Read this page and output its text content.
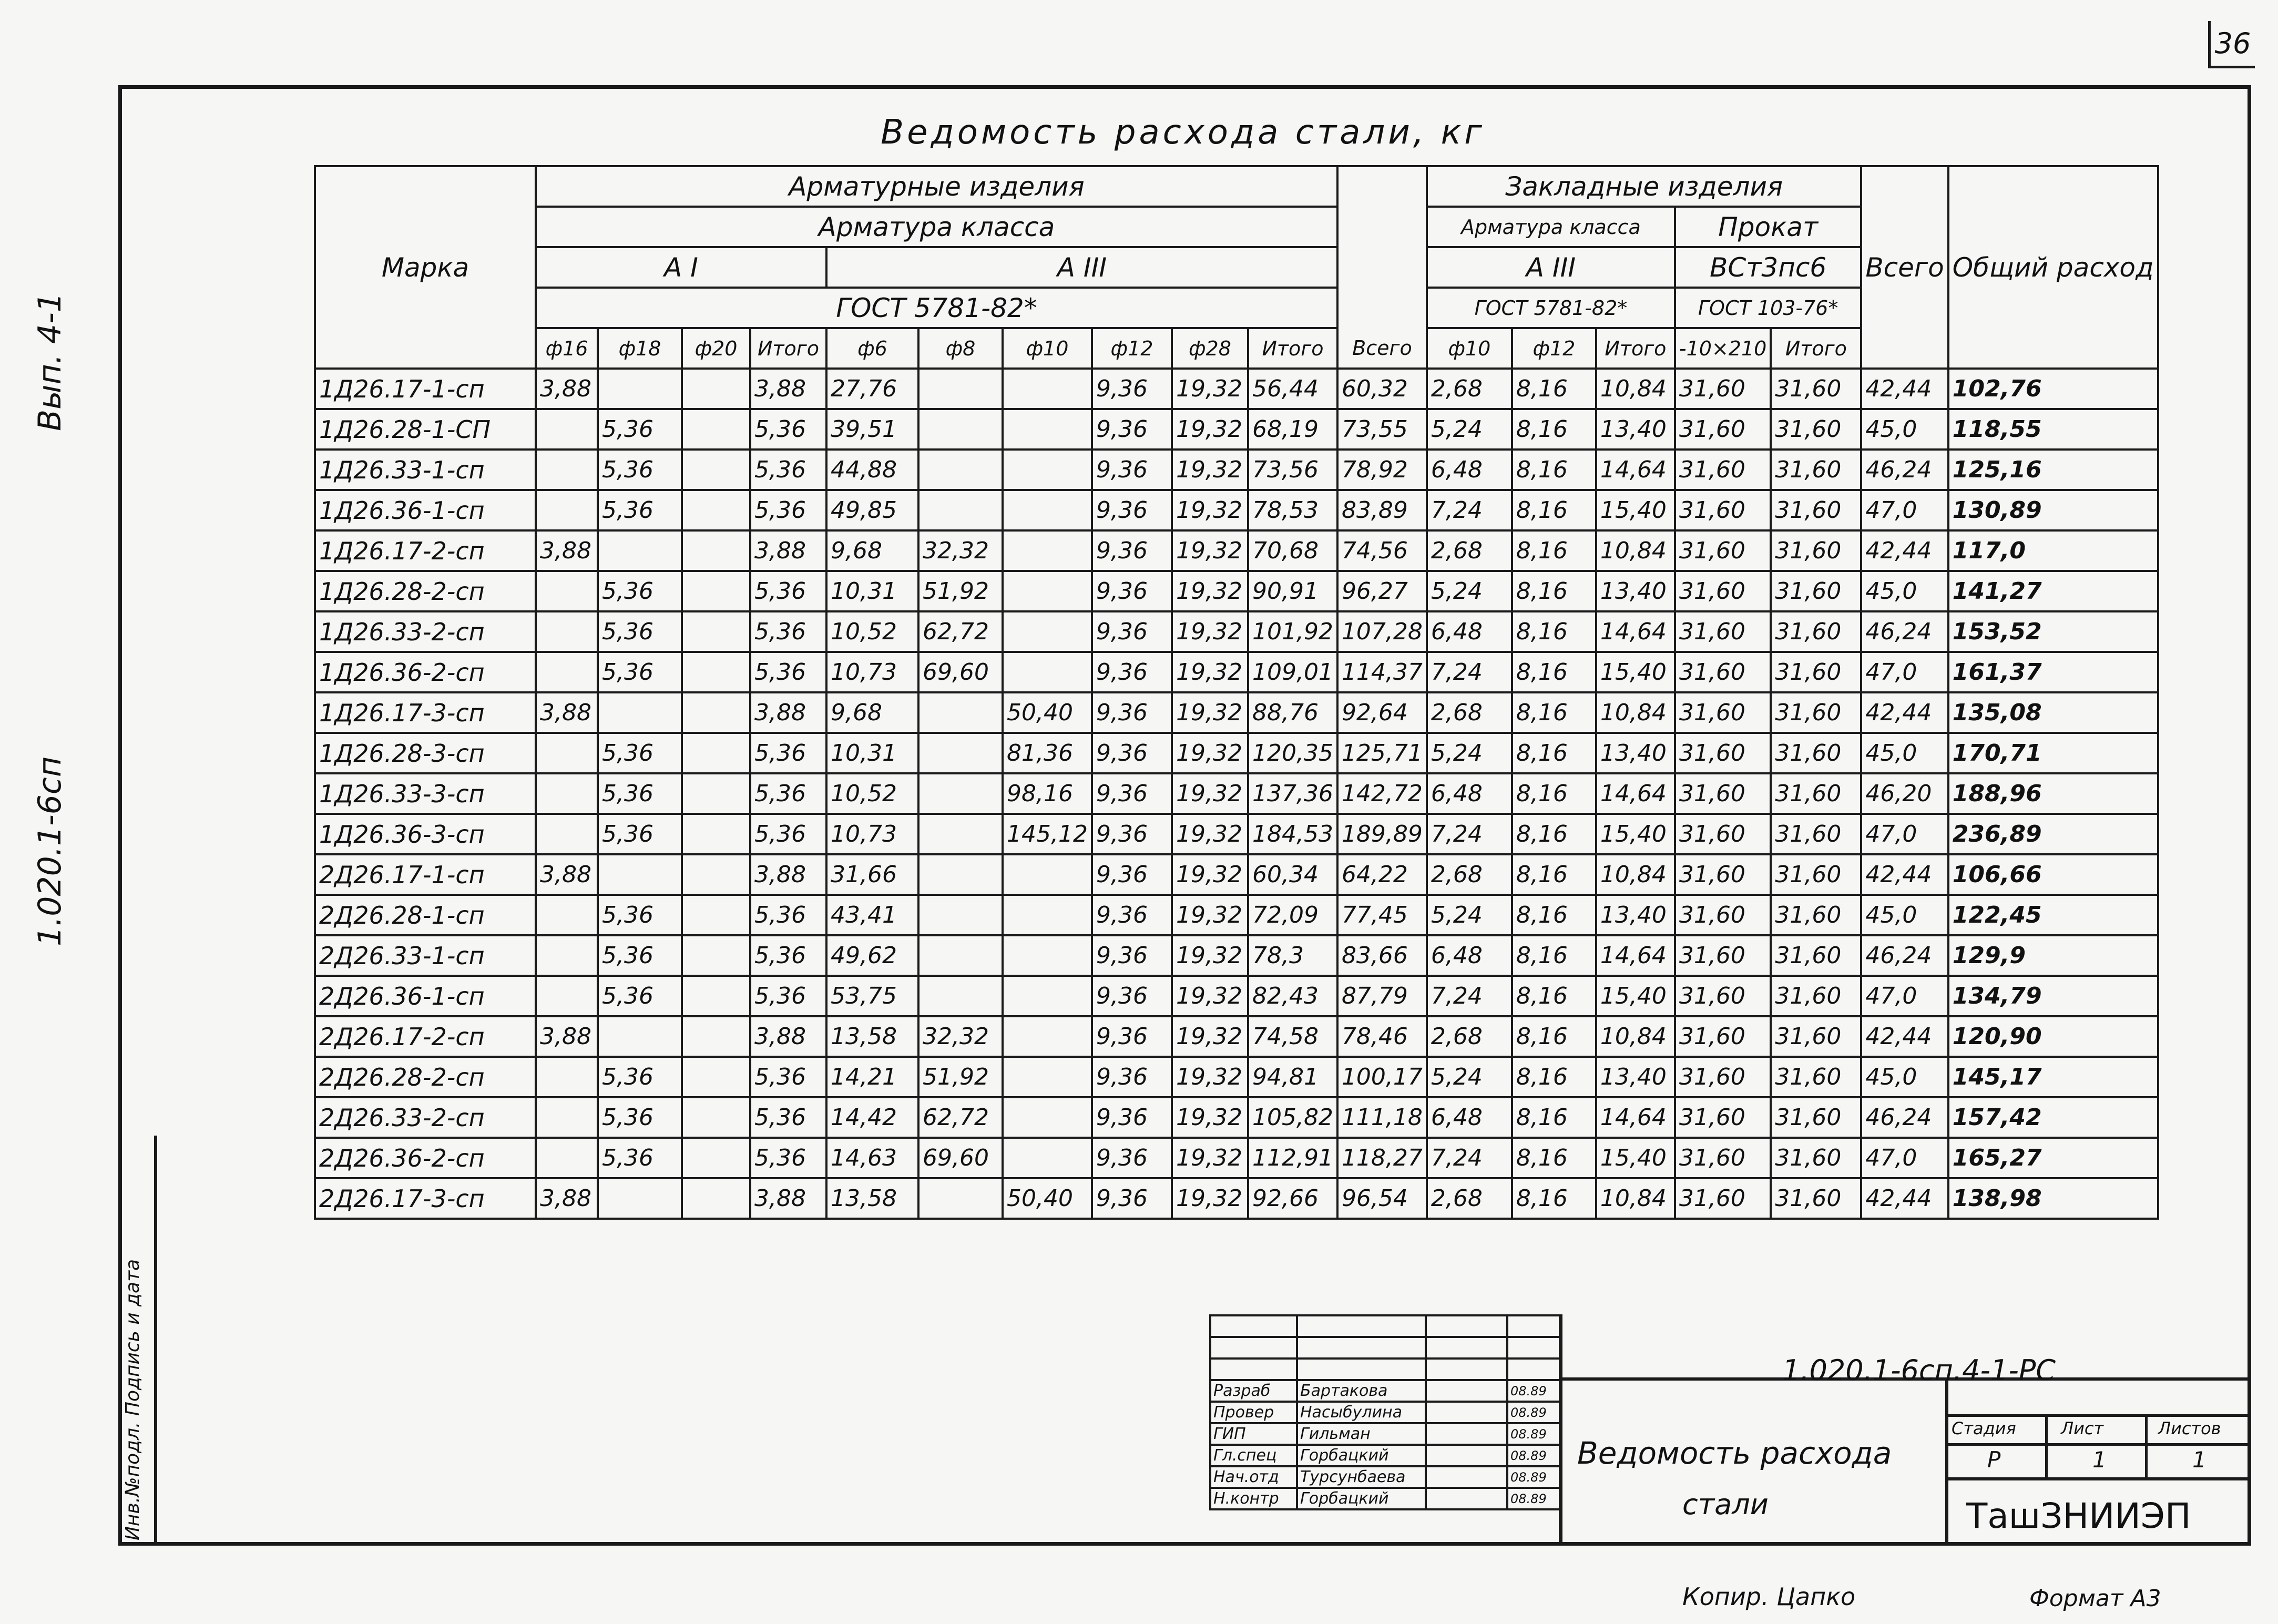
36
Вып. 4-1
1.020.1-6сп
Инв.№подл. Подпись и дата
Ведомость расхода стали, кг
Марка	Арматурные изделия											Закладные изделия					Всего	Общий расход
	Арматура класса											Арматура класса			Прокат			
	А I				А III							А III			ВСт3пс6			
	ГОСТ 5781-82*											ГОСТ 5781-82*			ГОСТ 103-76*			
	ф16	ф18	ф20	Итого	ф6	ф8	ф10	ф12	ф28	Итого	Всего	ф10	ф12	Итого	-10×210	Итого		
1Д26.17-1-сп	3,88			3,88	27,76			9,36	19,32	56,44	60,32	2,68	8,16	10,84	31,60	31,60	42,44	102,76
1Д26.28-1-СП		5,36		5,36	39,51			9,36	19,32	68,19	73,55	5,24	8,16	13,40	31,60	31,60	45,0	118,55
1Д26.33-1-сп		5,36		5,36	44,88			9,36	19,32	73,56	78,92	6,48	8,16	14,64	31,60	31,60	46,24	125,16
1Д26.36-1-сп		5,36		5,36	49,85			9,36	19,32	78,53	83,89	7,24	8,16	15,40	31,60	31,60	47,0	130,89
1Д26.17-2-сп	3,88			3,88	9,68	32,32		9,36	19,32	70,68	74,56	2,68	8,16	10,84	31,60	31,60	42,44	117,0
1Д26.28-2-сп		5,36		5,36	10,31	51,92		9,36	19,32	90,91	96,27	5,24	8,16	13,40	31,60	31,60	45,0	141,27
1Д26.33-2-сп		5,36		5,36	10,52	62,72		9,36	19,32	101,92	107,28	6,48	8,16	14,64	31,60	31,60	46,24	153,52
1Д26.36-2-сп		5,36		5,36	10,73	69,60		9,36	19,32	109,01	114,37	7,24	8,16	15,40	31,60	31,60	47,0	161,37
1Д26.17-3-сп	3,88			3,88	9,68		50,40	9,36	19,32	88,76	92,64	2,68	8,16	10,84	31,60	31,60	42,44	135,08
1Д26.28-3-сп		5,36		5,36	10,31		81,36	9,36	19,32	120,35	125,71	5,24	8,16	13,40	31,60	31,60	45,0	170,71
1Д26.33-3-сп		5,36		5,36	10,52		98,16	9,36	19,32	137,36	142,72	6,48	8,16	14,64	31,60	31,60	46,20	188,96
1Д26.36-3-сп		5,36		5,36	10,73		145,12	9,36	19,32	184,53	189,89	7,24	8,16	15,40	31,60	31,60	47,0	236,89
2Д26.17-1-сп	3,88			3,88	31,66			9,36	19,32	60,34	64,22	2,68	8,16	10,84	31,60	31,60	42,44	106,66
2Д26.28-1-сп		5,36		5,36	43,41			9,36	19,32	72,09	77,45	5,24	8,16	13,40	31,60	31,60	45,0	122,45
2Д26.33-1-сп		5,36		5,36	49,62			9,36	19,32	78,3	83,66	6,48	8,16	14,64	31,60	31,60	46,24	129,9
2Д26.36-1-сп		5,36		5,36	53,75			9,36	19,32	82,43	87,79	7,24	8,16	15,40	31,60	31,60	47,0	134,79
2Д26.17-2-сп	3,88			3,88	13,58	32,32		9,36	19,32	74,58	78,46	2,68	8,16	10,84	31,60	31,60	42,44	120,90
2Д26.28-2-сп		5,36		5,36	14,21	51,92		9,36	19,32	94,81	100,17	5,24	8,16	13,40	31,60	31,60	45,0	145,17
2Д26.33-2-сп		5,36		5,36	14,42	62,72		9,36	19,32	105,82	111,18	6,48	8,16	14,64	31,60	31,60	46,24	157,42
2Д26.36-2-сп		5,36		5,36	14,63	69,60		9,36	19,32	112,91	118,27	7,24	8,16	15,40	31,60	31,60	47,0	165,27
2Д26.17-3-сп	3,88			3,88	13,58		50,40	9,36	19,32	92,66	96,54	2,68	8,16	10,84	31,60	31,60	42,44	138,98

Разраб	Бартакова		08.89
Провер	Насыбулина		08.89
ГИП	Гильман		08.89
Гл.спец	Горбацкий		08.89
Нач.отд	Турсунбаева		08.89
Н.контр	Горбацкий		08.89
1.020.1-6сп.4-1-РС
Ведомость расхода
стали
Стадия	Лист	Листов
Р	1	1
ТашЗНИИЭП
Копир. Цапко	Формат А3
